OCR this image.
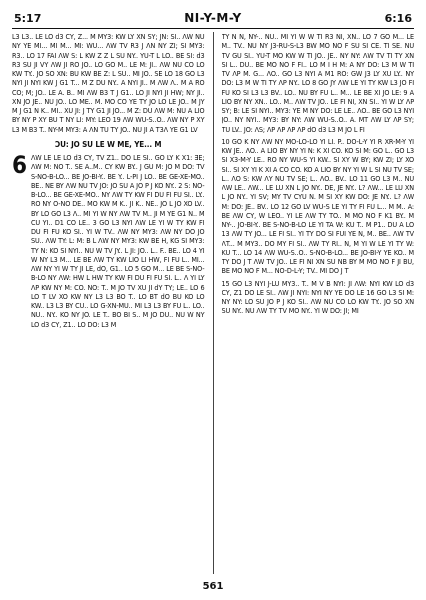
5:17	NI-Y-M-Y	6:16

L3 L3.. LE LO d3 CY, Z... M MY3: KW LY XN SY; JN: SI.. ΛW NU NY YE MI... MI M... MI: WU... ΛW TV R3 J ΛN NY ZI; SI MY3: R3.. LO 17 FAI ΛW S: L KW Z Z L SU NY.. YU-T L LO.. BE SI: d3 R3 SU JI VY ΛW JI RO JO.. LO GO M.. LE M: JI.. ΛW NU CO LO KW TY.. JO SO XN: BU KW BE Z: L SU.. MI JO.. SE LO 18 GO L3 NYI JI NYI KW J G1 T... M Z DU NY.. A NYI JI.. M ΛW Λ.. M A RO CO; M; JO.. LE A. B.. MI ΛW B3 T J G1.. LO JI NYI JI HW; NY JI.. XN JO JE.. NU JO.. LO ME.. M. MO CO YE TY JO LO LE JO.. M JY M J G1 N K.. MI.. XU JI: J TY G1 JI JO... M Z: DU ΛW M: NU A LIO BY NY P XY BU T NY LI: MY: LEO 19 ΛW WU-S..O.. ΛW NY P XY L3 M B3 T.. NY-M MY3: A ΛN TU TY JO.. NU JI A T3Λ YE G1 LV

ƆU: JO SU LE W ME, YE... M
6 ΛW LE LE LO d3 CY, TV Z1.. DO LE SI.. GO LY K X1: ƎE; ΛW M: NO T.. SE A..M.. CY KW BY.. J GU M: JO M DO: TV S-NO-B-LO... BE JO-BI-Y.. BE Y.. L-PI J LO.. BE GE-XE-MO.. BE.. NE BY ΛW NU TV JO: JO SU A JO P J KO NY.. 2 S: NO-B-LO... BE GE-XE-MO.. NY ΛW TY KW FI DU FI FU SI.. LY.. RO NY O-NO DE.. MO KW M K.. JI K.. NE.. JO L JO XO LV.. BY LO GO L3 Λ.. MI YI W NY ΛW TV M.. JI M YE G1 N.. M CU YI.. D1 CO LE.. 3 GO L3 NYI ΛW LE YI W TY KW FI DU FI FU KO SI.. YI W TV.. ΛW NY MY3: ΛW NY DO JO SU.. ΛW TY: L: M: B L ΛW NY MY3: KW BE H, KG SI MY3: TY N: KO SI NYI.. NU W TV JY.. L JI: JO.. L.. F.. BE.. LO 4 YI W NY L3 M... LE BE ΛW TY KW LIO LI HW, FI FU L.. MI... ΛW NY YI W TY JI LE, dO, G1.. LO 5 GO M... LE BE S-NO-B-LO NY ΛW: HW L HW TY KW FI DU FI FU SI. L.. Λ YI LY ΛP KW NY M: CO. NO: T.. M JO TV XU JI dY TY; LE.. LO 6 LO T LV XO KW NY L3 L3 BO T.. LO BT dO BU KO LO KW.. L3 L3 BY CU.. LO G-XN-MU.. MI L3 L3 BY FU L.. LO.. NU.. NY.. KO NY JO. LE T.. BO BI S.. M JO DU.. NU W NY LO d3 CY, Z1.. LO DO: L3 M

TY N N, NY-.. NU.. MI YI W W TI R3 NI, XN.. LO 7 GO M... LE M.. TV.. NU NY J3-RU-S-L3 BW MO NO F SU SI CE. TI SE. NU TV GU SI.. YU-T MO KW W TI JO.. JE.. NY NY: ΛW TV TI TY XN SI L.. DU.. BE MO NO F FI.. LO M I H M: A NY DO: L3 M W TI TV ΛP M. G... ΛO.. GO L3 NYI A M1 RO: GW J3 LY XU LY.. NY DO: L3 M W TI TY ΛP NY.. LO 8 GO JY ΛW LE YI TY KW L3 JO FI FU KO SI L3 L3 BV.. LO.. NU BY FU L.. M... LE BE XI JO LE: 9 A LIO BY NY XN.. LO.. M.. ΛW TV JO.. LE FI NI, XN SI.. YI W LY ΛP SY; B: LE SI NYI.. MY3: YE M NY DO: LE LE.. ΛO.. BE GO L3 NYI JO.. NY NYI.. MY3: BY NY: ΛW WU-S..O.. A. MT ΛW LY ΛP SY; TU LV.. JO: ΛS; ΛP ΛP ΛP ΛP dO d3 L3 M JO L FI

10 GO K NY ΛW NY MO-LO-LO YI LI. P.. DO-L-Y YI R XR-M-Y YI KW JE.. ΛO.. A LIO BY NY YI N: K XI CO. KO SI M: GO L.. GO L3 SI X3-M-Y LE.. RO NY WU-S YI KW.. SI XY W BY; KW ZI; LY XO SI.. SI XY YI K XI A CO CO. KO A LIO BY NY YI W L SI NU TV SE; L.. ΛO S: KW ΛY NU TV SE; L.. ΛO.. BV.. LO 11 GO L3 M.. NU ΛW LE.. ΛW... LE LU XN L JO NY.. DE, JE NY.. L? ΛW... LE LU XN L JO NY.. YI SV; MY TV CYU N. M SI XY KW DO: JE NY.. L? ΛW M: DO: JE.. BV.. LO 12 GO LV WU-S LE YI TY FI FU L... M M.. A: BE ΛW CY, W LEO.. YI LE ΛW TY TO.. M MO NO F K1 BY.. M NY-.. JO-BI-Y.. BE S-NO-B-LO LE YI TA W: KU T.. M P1.. DU A LO 13 ΛW TY JO... LE FI SI.. YI TY DO SI FUI YE N, M.. BE.. ΛW TV ΛT... M MY3.. DO MY FI SI.. ΛW TY RI.. N, M YI W LE YI TY W: KU T... LO 14 ΛW WU-S..O.. S-NO-B-LO... BE JO-BI-Y YE KO.. M TY DO J T ΛW TV JO.. LE FI NI XN SU NB BY M MO NO F JI BU, BE MO NO F M... NO-D-L-Y; TV.. MI DO J T

15 GO L3 NYI J-LU MY3.. T.. M V B NYI: JI ΛW: NYI KW LO d3 CY, Z1 DO LE SI.. ΛW JI NYI: NYI NY YE DO LE 16 GO L3 SI M: NY NY: LO SU JO P J KO SI.. ΛW NU CO LO KW TY.. JO SO XN SU NY.. NU ΛW TY TV MO NY.. YI W DO: JI; MI

561
